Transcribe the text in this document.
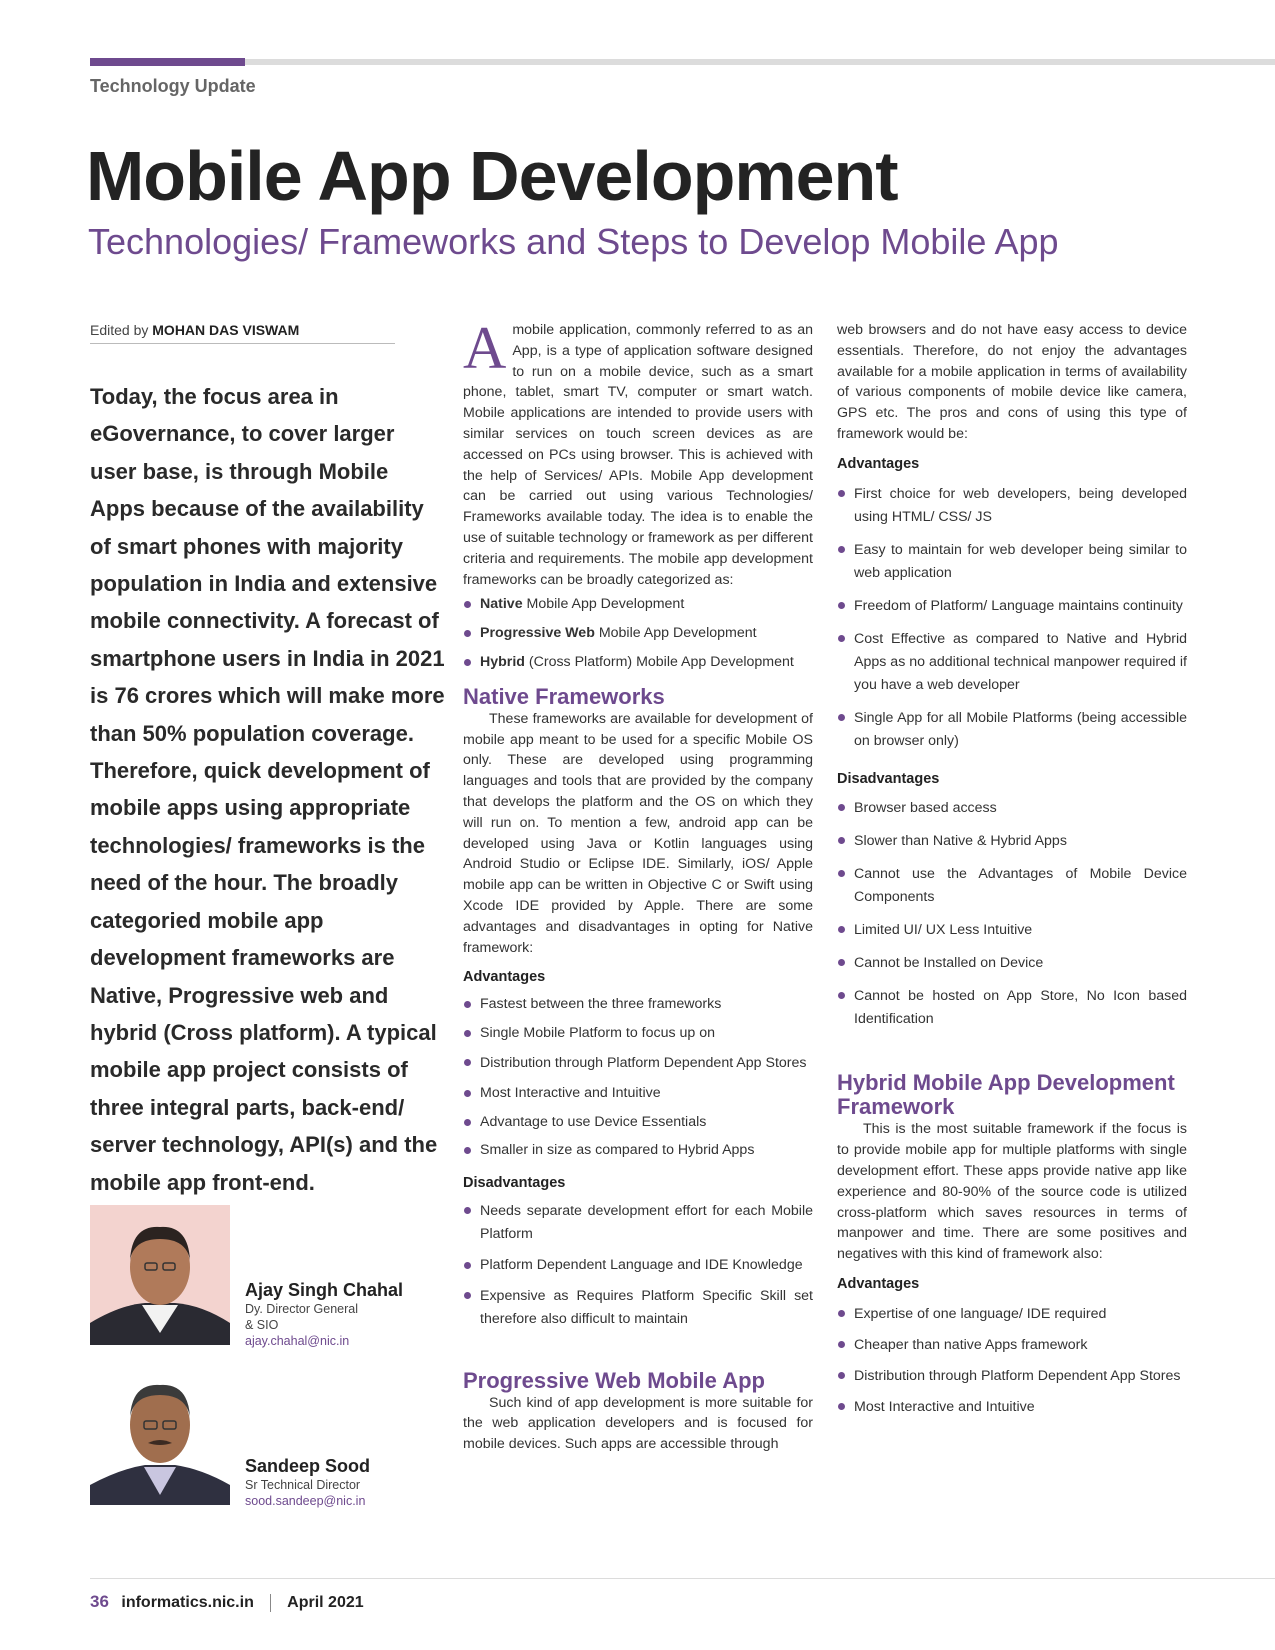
Technology Update
Mobile App Development
Technologies/ Frameworks and Steps to Develop Mobile App
Edited by MOHAN DAS VISWAM
Today, the focus area in eGovernance, to cover larger user base, is through Mobile Apps because of the availability of smart phones with majority population in India and extensive mobile connectivity. A forecast of smartphone users in India in 2021 is 76 crores which will make more than 50% population coverage. Therefore, quick development of mobile apps using appropriate technologies/ frameworks is the need of the hour. The broadly categoried mobile app development frameworks are Native, Progressive web and hybrid (Cross platform). A typical mobile app project consists of three integral parts, back-end/ server technology, API(s) and the mobile app front-end.
Ajay Singh Chahal
Dy. Director General
& SIO
ajay.chahal@nic.in
Sandeep Sood
Sr Technical Director
sood.sandeep@nic.in

A mobile application, commonly referred to as an App, is a type of application software designed to run on a mobile device, such as a smart phone, tablet, smart TV, computer or smart watch. Mobile applications are intended to provide users with similar services on touch screen devices as are accessed on PCs using browser. This is achieved with the help of Services/ APIs. Mobile App development can be carried out using various Technologies/ Frameworks available today. The idea is to enable the use of suitable technology or framework as per different criteria and requirements. The mobile app development frameworks can be broadly categorized as:

Native Mobile App Development
Progressive Web Mobile App Development
Hybrid (Cross Platform) Mobile App Development
Native Frameworks

These frameworks are available for development of mobile app meant to be used for a specific Mobile OS only. These are developed using programming languages and tools that are provided by the company that develops the platform and the OS on which they will run on. To mention a few, android app can be developed using Java or Kotlin languages using Android Studio or Eclipse IDE. Similarly, iOS/ Apple mobile app can be written in Objective C or Swift using Xcode IDE provided by Apple. There are some advantages and disadvantages in opting for Native framework:

Advantages
Fastest between the three frameworks
Single Mobile Platform to focus up on
Distribution through Platform Dependent App Stores
Most Interactive and Intuitive
Advantage to use Device Essentials
Smaller in size as compared to Hybrid Apps
Disadvantages
Needs separate development effort for each Mobile Platform
Platform Dependent Language and IDE Knowledge
Expensive as Requires Platform Specific Skill set therefore also difficult to maintain
Progressive Web Mobile App

Such kind of app development is more suitable for the web application developers and is focused for mobile devices. Such apps are accessible through

web browsers and do not have easy access to device essentials. Therefore, do not enjoy the advantages available for a mobile application in terms of availability of various components of mobile device like camera, GPS etc. The pros and cons of using this type of framework would be:

Advantages
First choice for web developers, being developed using HTML/ CSS/ JS
Easy to maintain for web developer being similar to web application
Freedom of Platform/ Language maintains continuity
Cost Effective as compared to Native and Hybrid Apps as no additional technical manpower required if you have a web developer
Single App for all Mobile Platforms (being accessible on browser only)
Disadvantages
Browser based access
Slower than Native & Hybrid Apps
Cannot use the Advantages of Mobile Device Components
Limited UI/ UX Less Intuitive
Cannot be Installed on Device
Cannot be hosted on App Store, No Icon based Identification
Hybrid Mobile App Development Framework

This is the most suitable framework if the focus is to provide mobile app for multiple platforms with single development effort. These apps provide native app like experience and 80-90% of the source code is utilized cross-platform which saves resources in terms of manpower and time. There are some positives and negatives with this kind of framework also:

Advantages
Expertise of one language/ IDE required
Cheaper than native Apps framework
Distribution through Platform Dependent App Stores
Most Interactive and Intuitive
36 informatics.nic.in April 2021
